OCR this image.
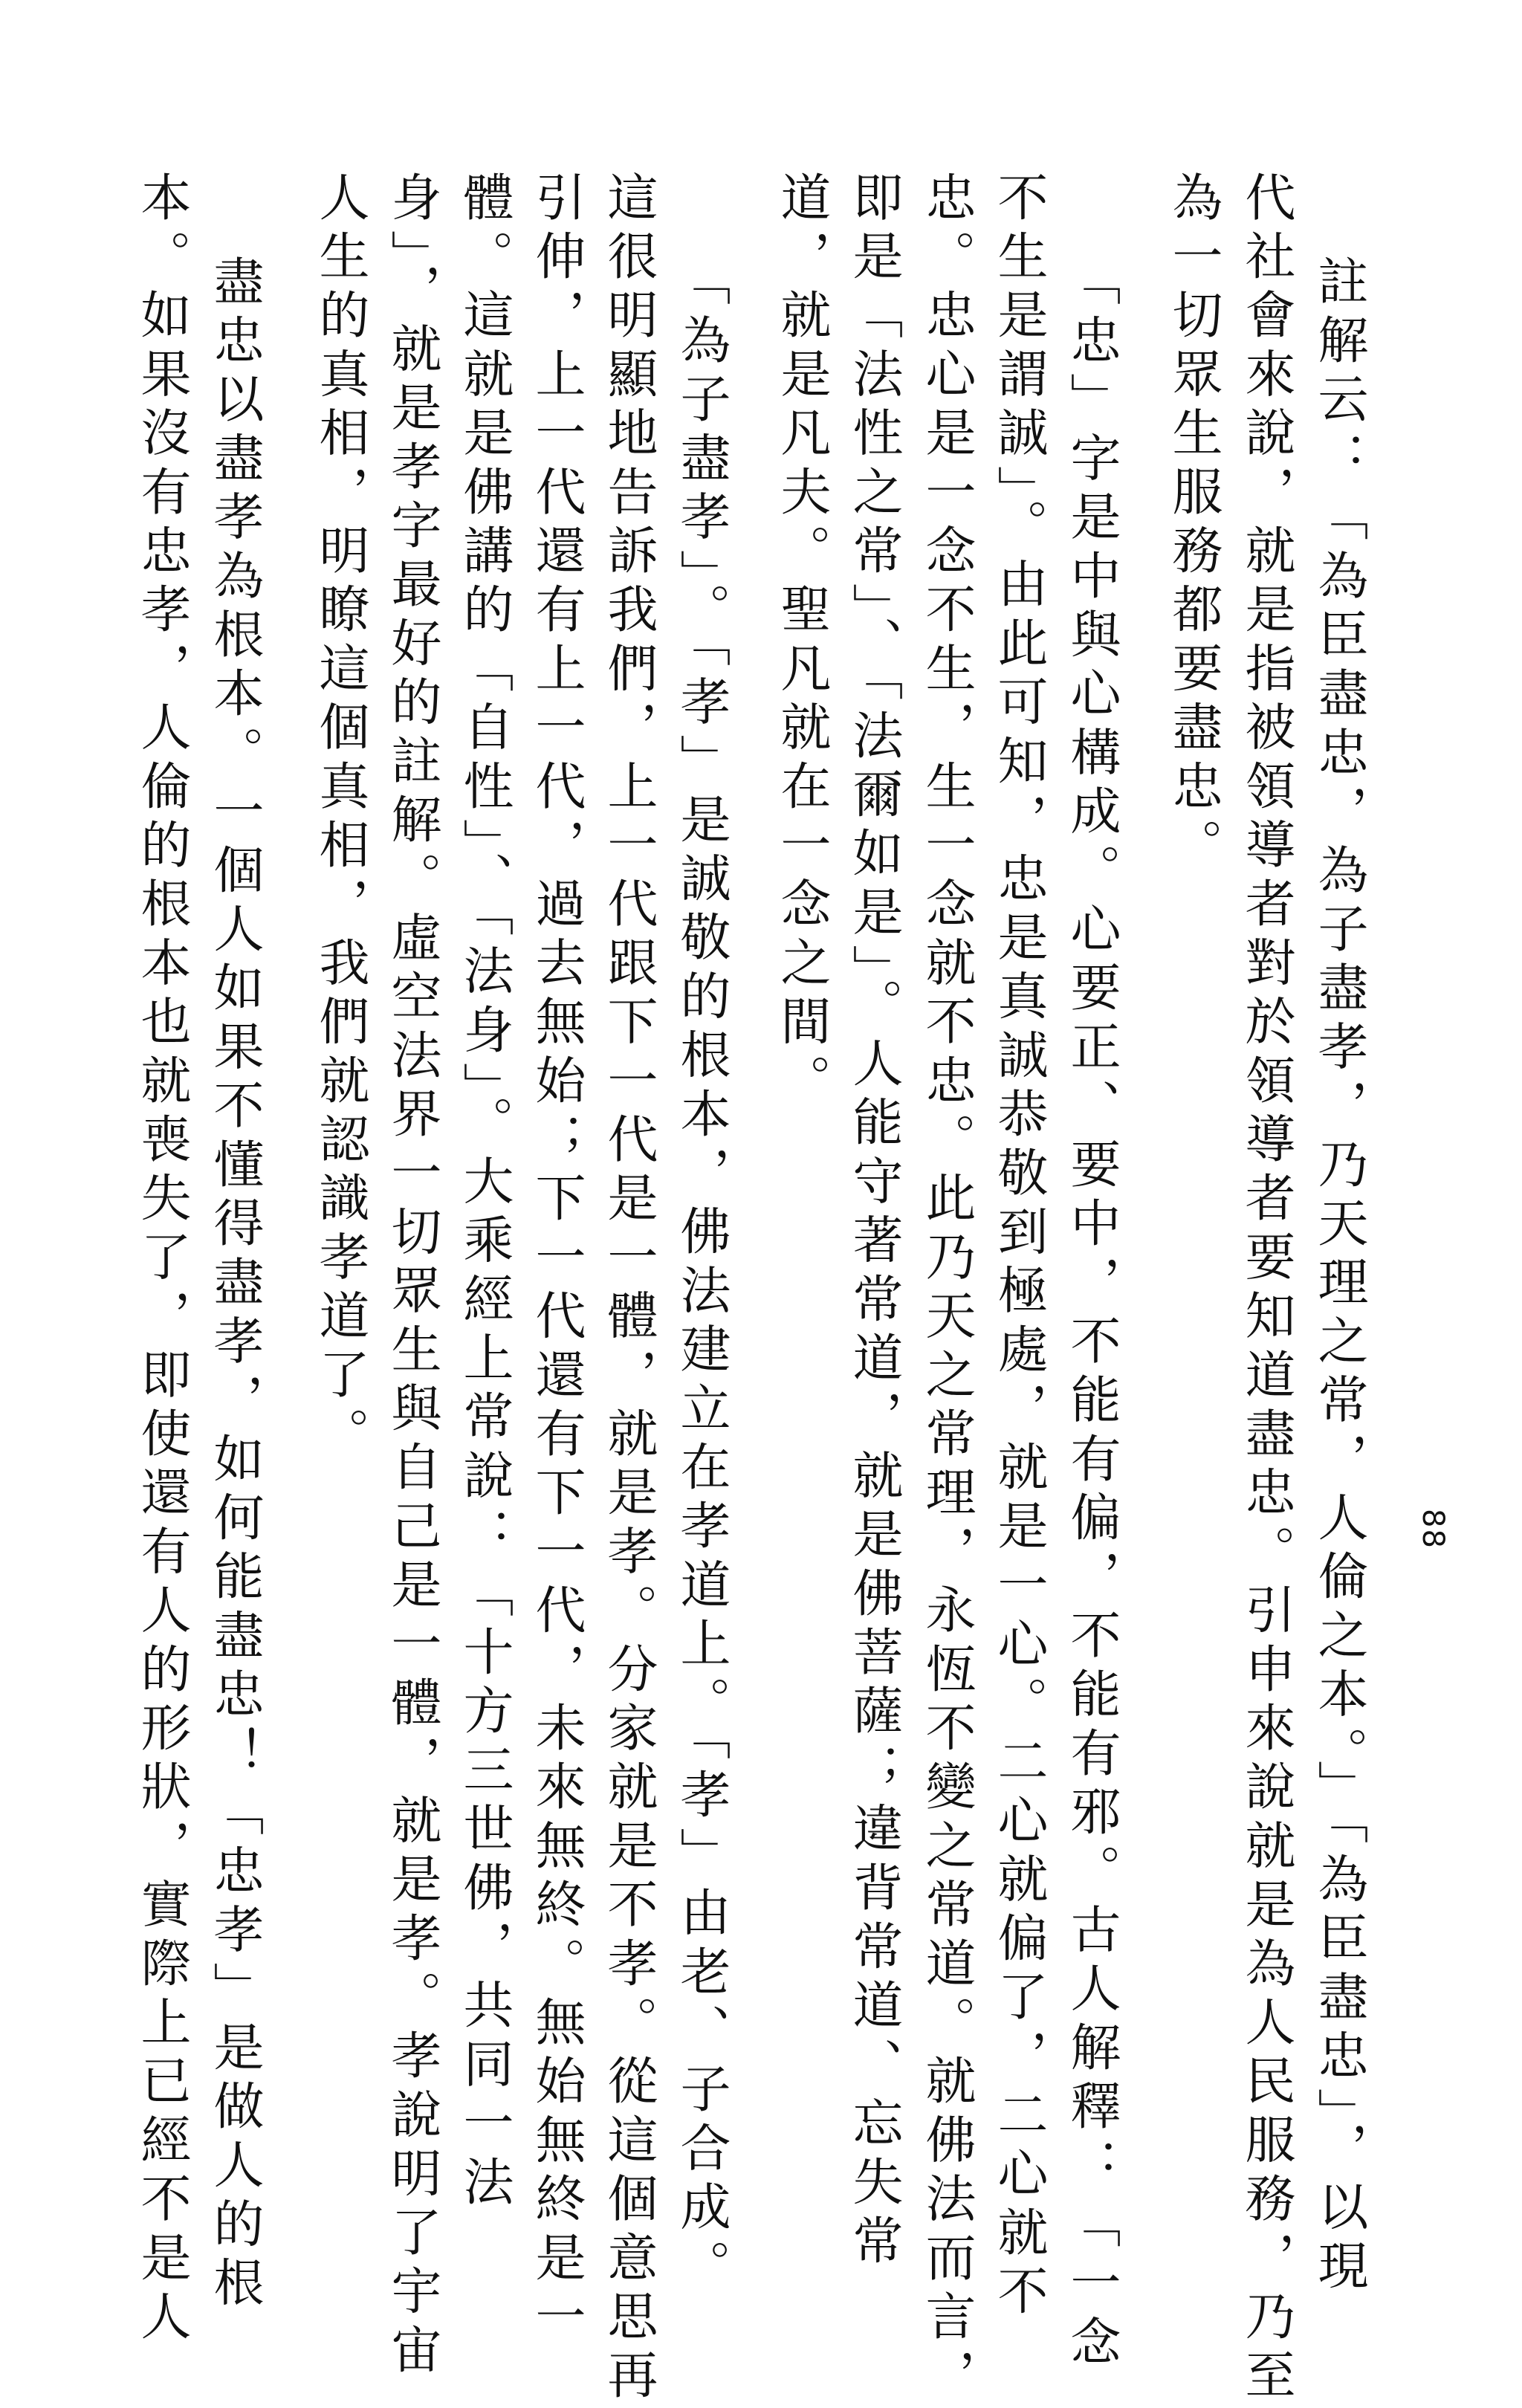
88
註解云：「為臣盡忠，為子盡孝，乃天理之常，人倫之本。」「為臣盡忠」，以現
代社會來說，就是指被領導者對於領導者要知道盡忠。引申來說就是為人民服務，乃至
為一切眾生服務都要盡忠。
「忠」字是中與心構成。心要正、要中，不能有偏，不能有邪。古人解釋：「一念
不生是謂誠」。由此可知，忠是真誠恭敬到極處，就是一心。二心就偏了，二心就不
忠。忠心是一念不生，生一念就不忠。此乃天之常理，永恆不變之常道。就佛法而言，
即是「法性之常」、「法爾如是」。人能守著常道，就是佛菩薩；違背常道、忘失常
道，就是凡夫。聖凡就在一念之間。
「為子盡孝」。「孝」是誠敬的根本，佛法建立在孝道上。「孝」由老、子合成。
這很明顯地告訴我們，上一代跟下一代是一體，就是孝。分家就是不孝。從這個意思再
引伸，上一代還有上一代，過去無始；下一代還有下一代，未來無終。無始無終是一
體。這就是佛講的「自性」、「法身」。大乘經上常說：「十方三世佛，共同一法
身」，就是孝字最好的註解。虛空法界一切眾生與自己是一體，就是孝。孝說明了宇宙
人生的真相，明瞭這個真相，我們就認識孝道了。
盡忠以盡孝為根本。一個人如果不懂得盡孝，如何能盡忠！「忠孝」是做人的根
本。如果沒有忠孝，人倫的根本也就喪失了，即使還有人的形狀，實際上已經不是人
